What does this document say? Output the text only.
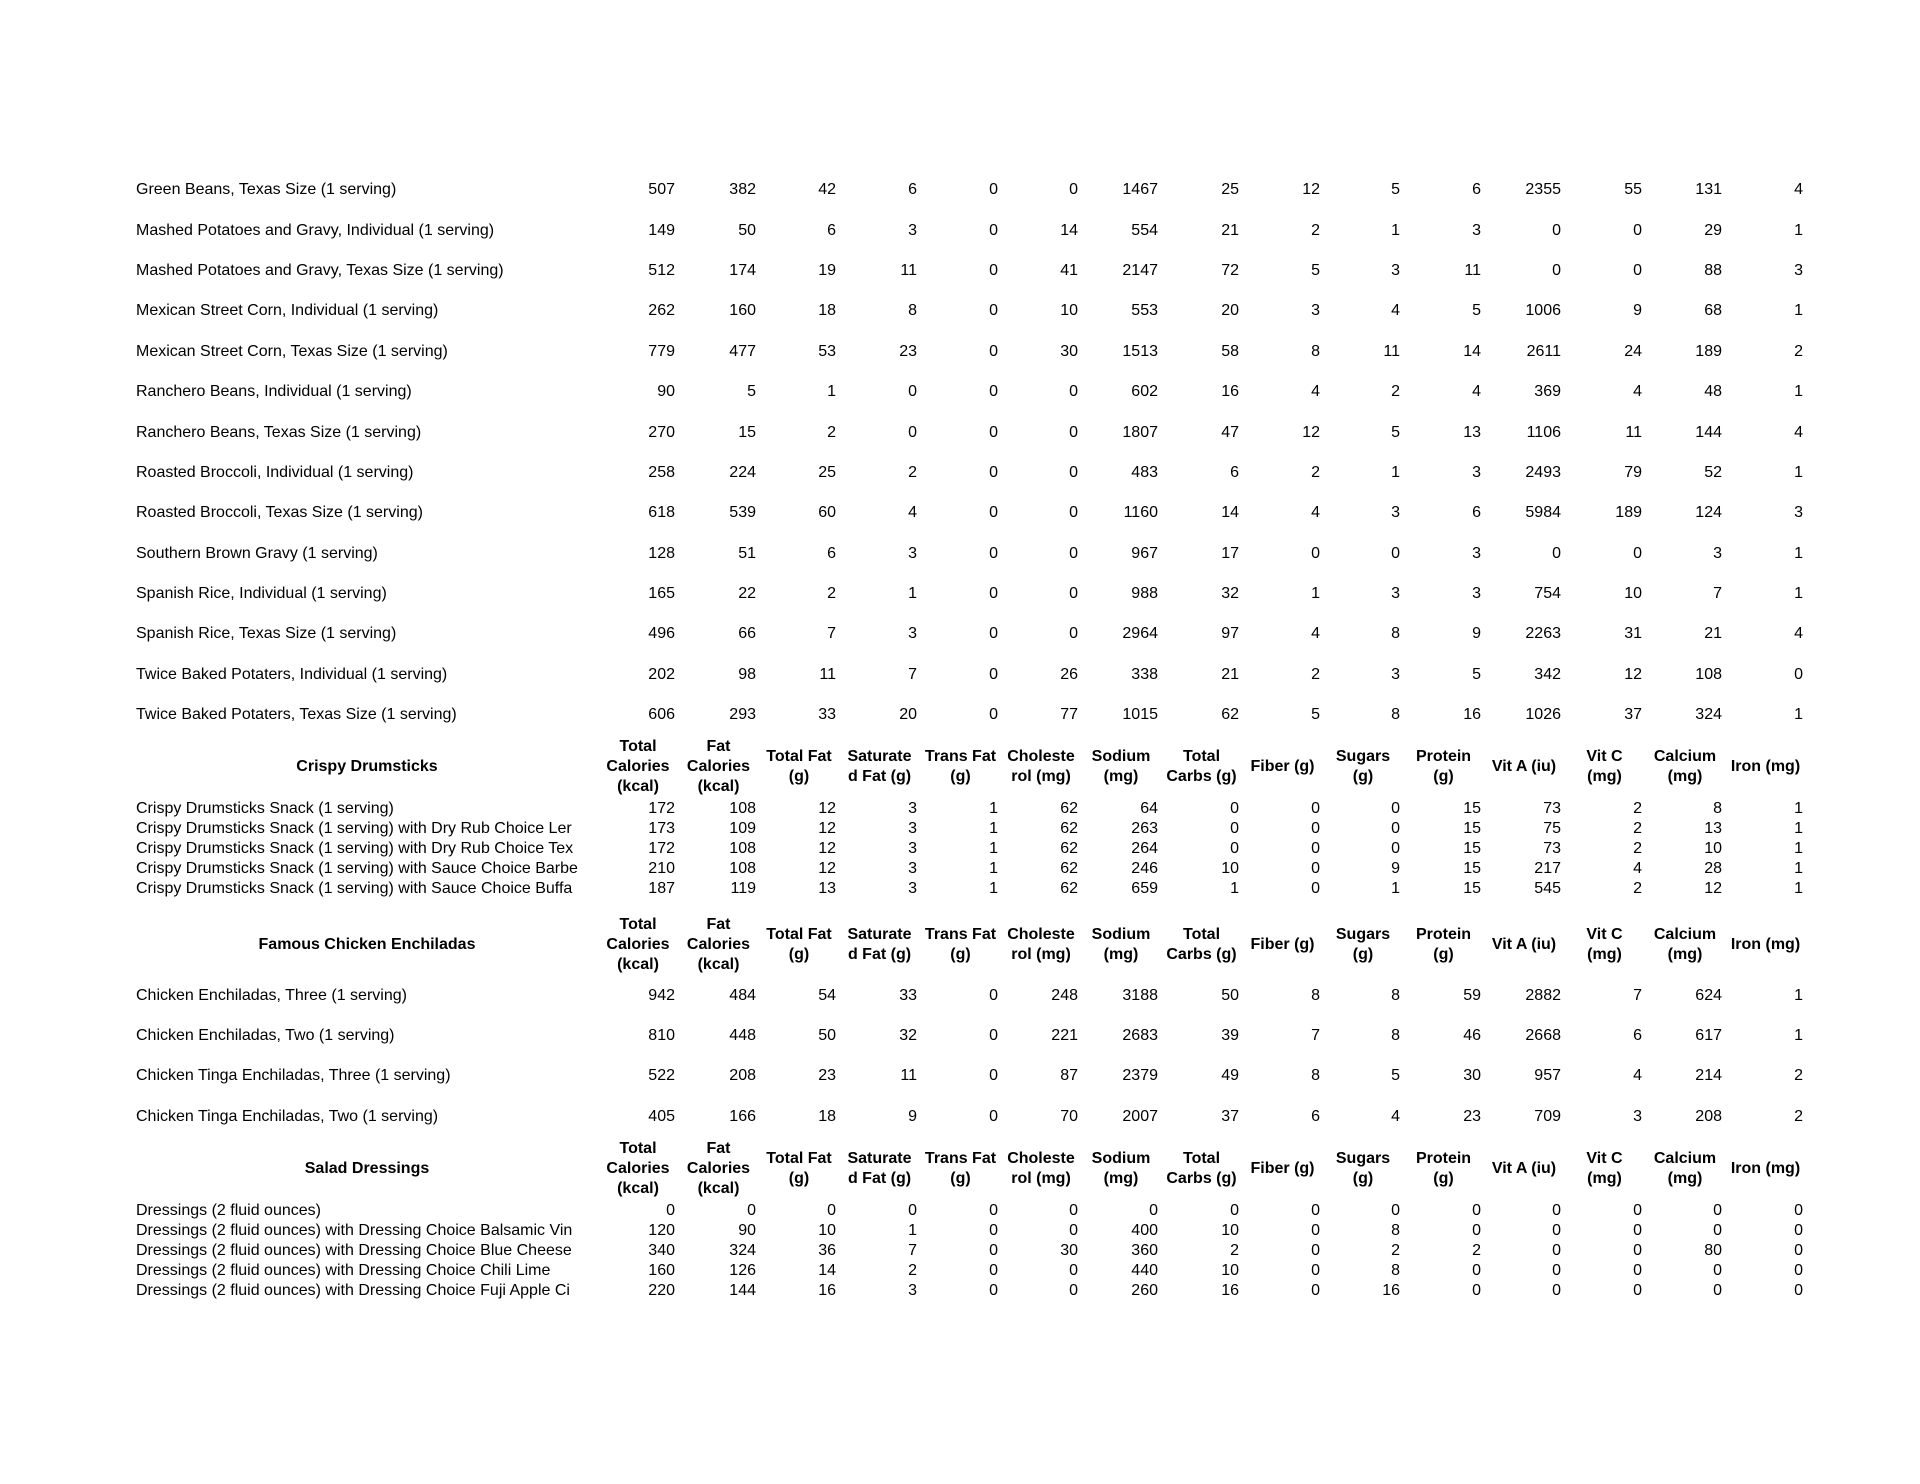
Green Beans, Texas Size (1 serving)	507	382	42	6	0	0	1467	25	12	5	6	2355	55	131	4
Mashed Potatoes and Gravy, Individual (1 serving)	149	50	6	3	0	14	554	21	2	1	3	0	0	29	1
Mashed Potatoes and Gravy, Texas Size (1 serving)	512	174	19	11	0	41	2147	72	5	3	11	0	0	88	3
Mexican Street Corn, Individual (1 serving)	262	160	18	8	0	10	553	20	3	4	5	1006	9	68	1
Mexican Street Corn, Texas Size (1 serving)	779	477	53	23	0	30	1513	58	8	11	14	2611	24	189	2
Ranchero Beans, Individual (1 serving)	90	5	1	0	0	0	602	16	4	2	4	369	4	48	1
Ranchero Beans, Texas Size (1 serving)	270	15	2	0	0	0	1807	47	12	5	13	1106	11	144	4
Roasted Broccoli, Individual (1 serving)	258	224	25	2	0	0	483	6	2	1	3	2493	79	52	1
Roasted Broccoli, Texas Size (1 serving)	618	539	60	4	0	0	1160	14	4	3	6	5984	189	124	3
Southern Brown Gravy (1 serving)	128	51	6	3	0	0	967	17	0	0	3	0	0	3	1
Spanish Rice, Individual (1 serving)	165	22	2	1	0	0	988	32	1	3	3	754	10	7	1
Spanish Rice, Texas Size (1 serving)	496	66	7	3	0	0	2964	97	4	8	9	2263	31	21	4
Twice Baked Potaters, Individual (1 serving)	202	98	11	7	0	26	338	21	2	3	5	342	12	108	0
Twice Baked Potaters, Texas Size (1 serving)	606	293	33	20	0	77	1015	62	5	8	16	1026	37	324	1
Crispy Drumsticks	Total Calories (kcal)	Fat Calories (kcal)	Total Fat (g)	Saturate d Fat (g)	Trans Fat (g)	Choleste rol (mg)	Sodium (mg)	Total Carbs (g)	Fiber (g)	Sugars (g)	Protein (g)	Vit A (iu)	Vit C (mg)	Calcium (mg)	Iron (mg)
Crispy Drumsticks Snack (1 serving)	172	108	12	3	1	62	64	0	0	0	15	73	2	8	1
Crispy Drumsticks Snack (1 serving) with Dry Rub Choice Ler	173	109	12	3	1	62	263	0	0	0	15	75	2	13	1
Crispy Drumsticks Snack (1 serving) with Dry Rub Choice Tex	172	108	12	3	1	62	264	0	0	0	15	73	2	10	1
Crispy Drumsticks Snack (1 serving) with Sauce Choice Barbe	210	108	12	3	1	62	246	10	0	9	15	217	4	28	1
Crispy Drumsticks Snack (1 serving) with Sauce Choice Buffa	187	119	13	3	1	62	659	1	0	1	15	545	2	12	1

Famous Chicken Enchiladas	Total Calories (kcal)	Fat Calories (kcal)	Total Fat (g)	Saturate d Fat (g)	Trans Fat (g)	Choleste rol (mg)	Sodium (mg)	Total Carbs (g)	Fiber (g)	Sugars (g)	Protein (g)	Vit A (iu)	Vit C (mg)	Calcium (mg)	Iron (mg)
Chicken Enchiladas, Three (1 serving)	942	484	54	33	0	248	3188	50	8	8	59	2882	7	624	1
Chicken Enchiladas, Two (1 serving)	810	448	50	32	0	221	2683	39	7	8	46	2668	6	617	1
Chicken Tinga Enchiladas, Three (1 serving)	522	208	23	11	0	87	2379	49	8	5	30	957	4	214	2
Chicken Tinga Enchiladas, Two (1 serving)	405	166	18	9	0	70	2007	37	6	4	23	709	3	208	2
Salad Dressings	Total Calories (kcal)	Fat Calories (kcal)	Total Fat (g)	Saturate d Fat (g)	Trans Fat (g)	Choleste rol (mg)	Sodium (mg)	Total Carbs (g)	Fiber (g)	Sugars (g)	Protein (g)	Vit A (iu)	Vit C (mg)	Calcium (mg)	Iron (mg)
Dressings (2 fluid ounces)	0	0	0	0	0	0	0	0	0	0	0	0	0	0	0
Dressings (2 fluid ounces) with Dressing Choice Balsamic Vin	120	90	10	1	0	0	400	10	0	8	0	0	0	0	0
Dressings (2 fluid ounces) with Dressing Choice Blue Cheese	340	324	36	7	0	30	360	2	0	2	2	0	0	80	0
Dressings (2 fluid ounces) with Dressing Choice Chili Lime	160	126	14	2	0	0	440	10	0	8	0	0	0	0	0
Dressings (2 fluid ounces) with Dressing Choice Fuji Apple Ci	220	144	16	3	0	0	260	16	0	16	0	0	0	0	0
